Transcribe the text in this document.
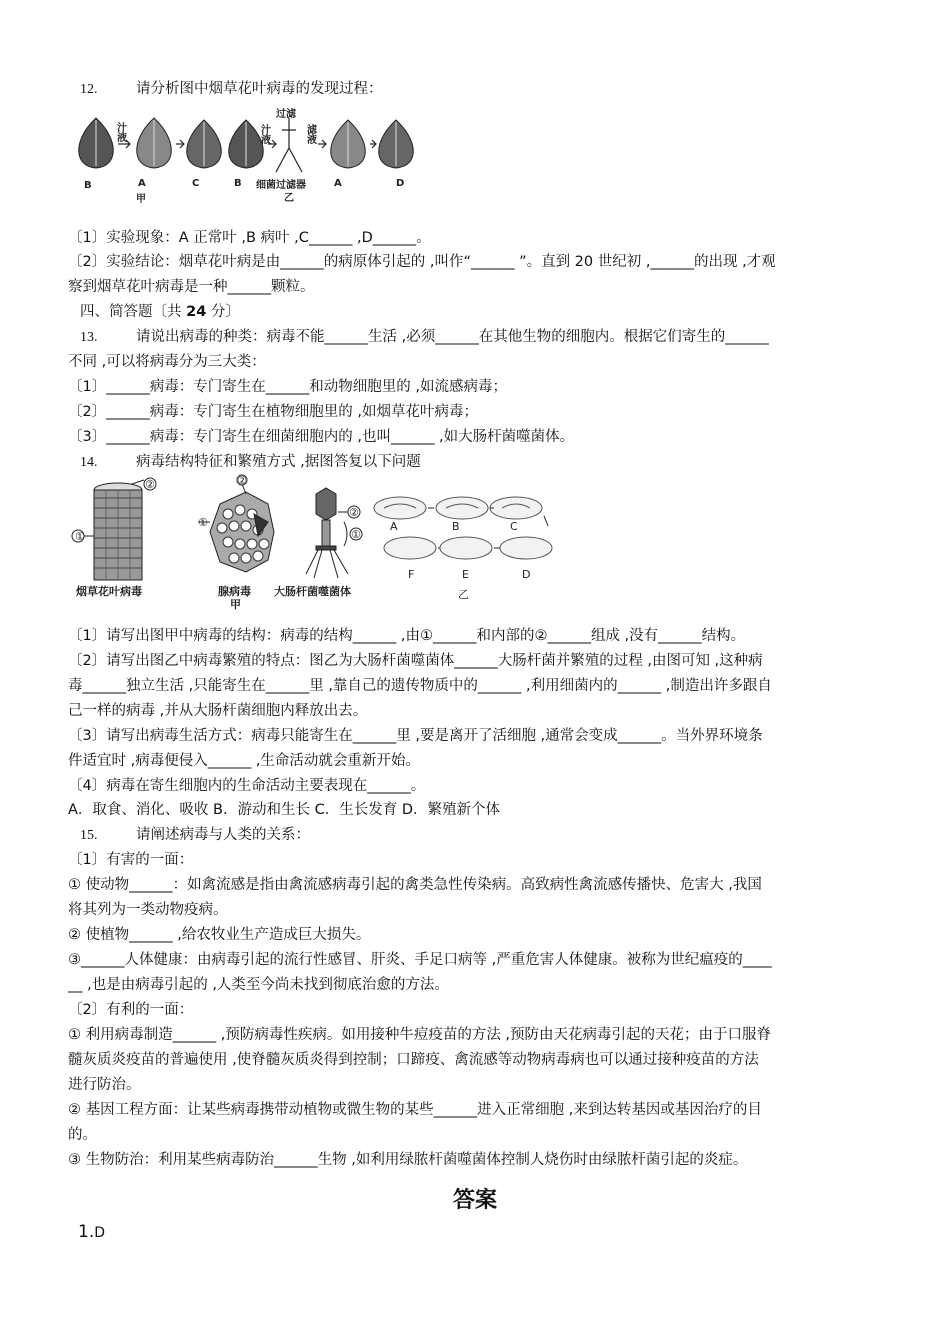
12.	请分析图中烟草花叶病毒的发现过程：
汁液	汁液	滤液
过滤
细菌过滤器
B	A	C	B	A	D
甲	乙
〔1〕实验现象：A 正常叶 ,B 病叶 ,C______ ,D______。
〔2〕实验结论：烟草花叶病是由______的病原体引起的 ,叫作“______ ”。直到 20 世纪初 ,______的出现 ,才观
察到烟草花叶病毒是一种______颗粒。
四、简答题〔共 24 分〕
13.	请说出病毒的种类：病毒不能______生活 ,必须______在其他生物的细胞内。根据它们寄生的______
不同 ,可以将病毒分为三大类：
〔1〕______病毒：专门寄生在______和动物细胞里的 ,如流感病毒；
〔2〕______病毒：专门寄生在植物细胞里的 ,如烟草花叶病毒；
〔3〕______病毒：专门寄生在细菌细胞内的 ,也叫______ ,如大肠杆菌噬菌体。
14.	病毒结构特征和繁殖方式 ,据图答复以下问题
①
②
①
②
②
①
A	B	C
F	E	D
乙
烟草花叶病毒	腺病毒
甲
大肠杆菌噬菌体
〔1〕请写出图甲中病毒的结构：病毒的结构______ ,由①______和内部的②______组成 ,没有______结构。
〔2〕请写出图乙中病毒繁殖的特点：图乙为大肠杆菌噬菌体______大肠杆菌并繁殖的过程 ,由图可知 ,这种病
毒______独立生活 ,只能寄生在______里 ,靠自己的遗传物质中的______ ,利用细菌内的______ ,制造出许多跟自
己一样的病毒 ,并从大肠杆菌细胞内释放出去。
〔3〕请写出病毒生活方式：病毒只能寄生在______里 ,要是离开了活细胞 ,通常会变成______。当外界环境条
件适宜时 ,病毒便侵入______ ,生命活动就会重新开始。
〔4〕病毒在寄生细胞内的生命活动主要表现在______。
A．取食、消化、吸收 B．游动和生长 C．生长发育 D．繁殖新个体
15.	请阐述病毒与人类的关系：
〔1〕有害的一面：
① 使动物______：如禽流感是指由禽流感病毒引起的禽类急性传染病。高致病性禽流感传播快、危害大 ,我国
将其列为一类动物疫病。
② 使植物______ ,给农牧业生产造成巨大损失。
③______人体健康：由病毒引起的流行性感冒、肝炎、手足口病等 ,严重危害人体健康。被称为世纪瘟疫的____
__ ,也是由病毒引起的 ,人类至今尚未找到彻底治愈的方法。
〔2〕有利的一面：
① 利用病毒制造______ ,预防病毒性疾病。如用接种牛痘疫苗的方法 ,预防由天花病毒引起的天花；由于口服脊
髓灰质炎疫苗的普遍使用 ,使脊髓灰质炎得到控制；口蹄疫、禽流感等动物病毒病也可以通过接种疫苗的方法
进行防治。
② 基因工程方面：让某些病毒携带动植物或微生物的某些______进入正常细胞 ,来到达转基因或基因治疗的目
的。
③ 生物防治：利用某些病毒防治______生物 ,如利用绿脓杆菌噬菌体控制人烧伤时由绿脓杆菌引起的炎症。
答案
1.D
